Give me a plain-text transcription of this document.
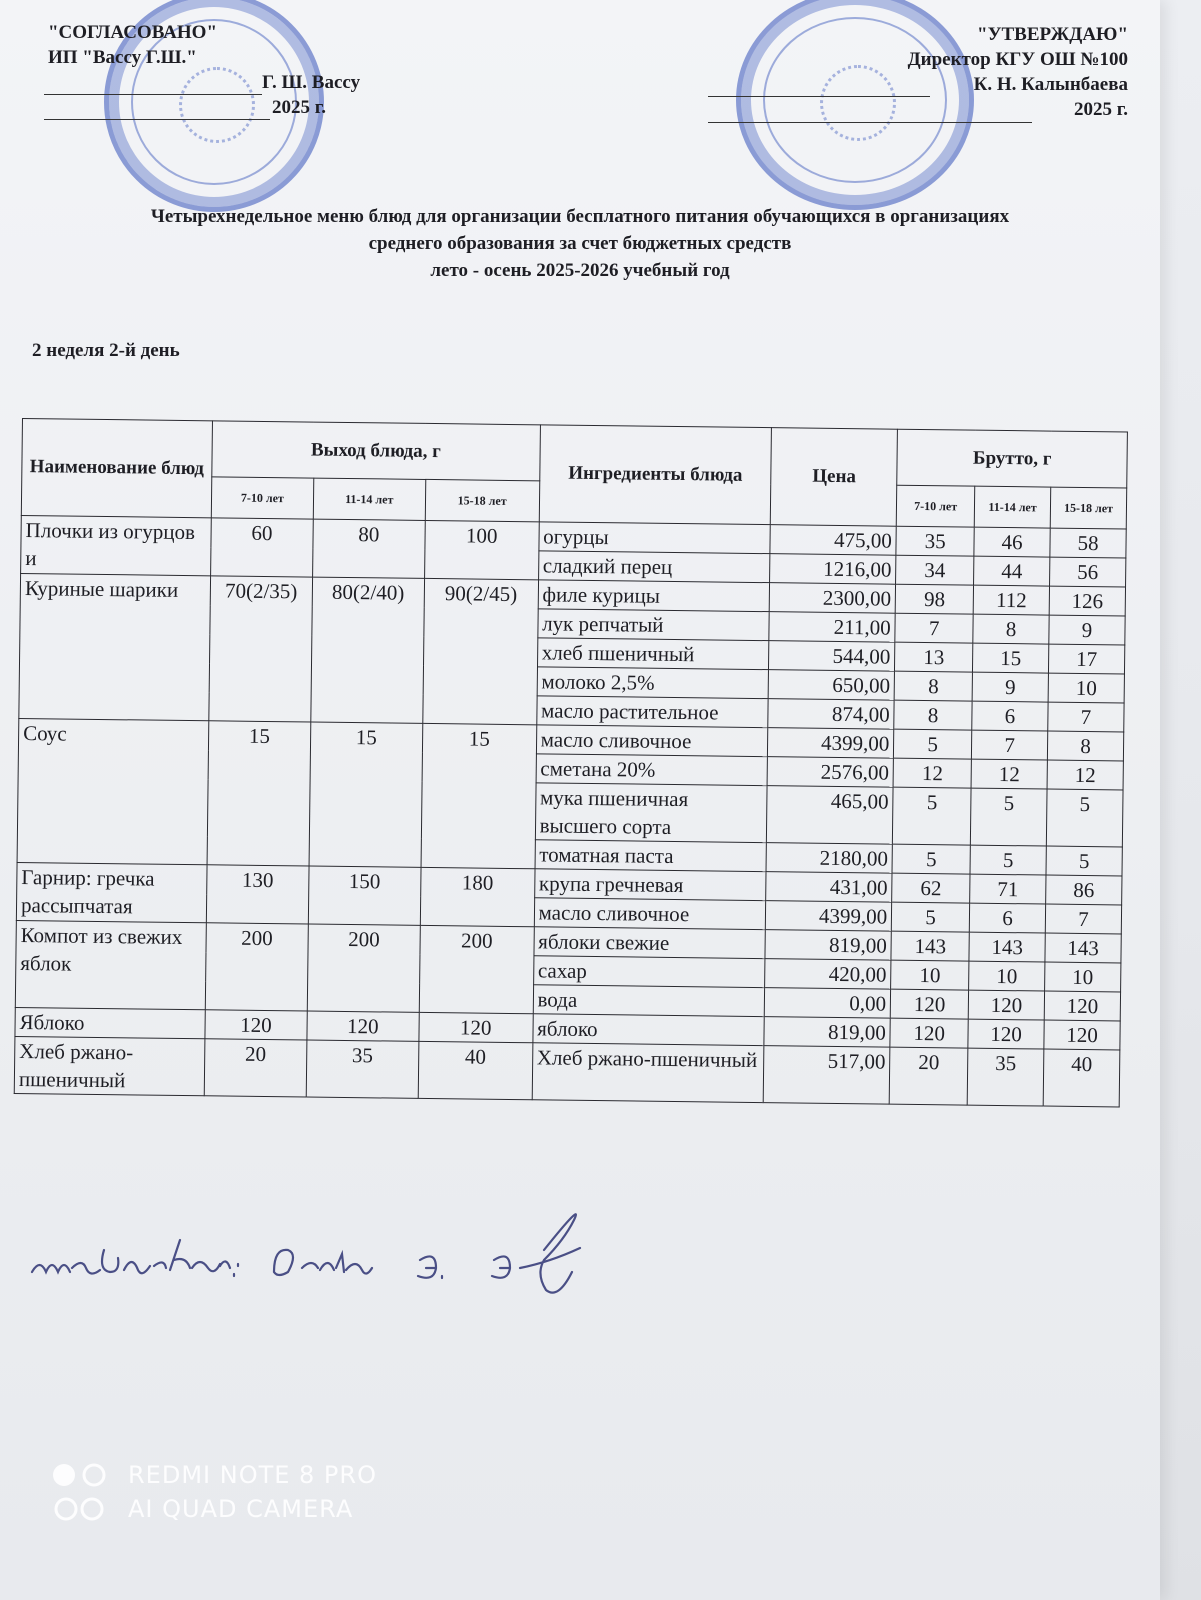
"СОГЛАСОВАНО"
ИП "Вассу Г.Ш."
Г. Ш. Вассу
2025 г.
"УТВЕРЖДАЮ"
Директор КГУ ОШ №100
К. Н. Калынбаева
2025 г.
Четырехнедельное меню блюд для организации бесплатного питания обучающихся в организациях
среднего образования за счет бюджетных средств
лето - осень 2025-2026 учебный год
2 неделя 2-й день
Наименование блюд	Выход блюда, г			Ингредиенты блюда	Цена	Брутто, г		
	7-10 лет	11-14 лет	15-18 лет			7-10 лет	11-14 лет	15-18 лет
Плочки из огурцов и	60	80	100	огурцы	475,00	35	46	58
				сладкий перец	1216,00	34	44	56
Куриные шарики	70(2/35)	80(2/40)	90(2/45)	филе курицы	2300,00	98	112	126
				лук репчатый	211,00	7	8	9
				хлеб пшеничный	544,00	13	15	17
				молоко 2,5%	650,00	8	9	10
				масло растительное	874,00	8	6	7
Соус	15	15	15	масло сливочное	4399,00	5	7	8
				сметана 20%	2576,00	12	12	12
				мука пшеничная высшего сорта	465,00	5	5	5
				томатная паста	2180,00	5	5	5
Гарнир: гречка рассыпчатая	130	150	180	крупа гречневая	431,00	62	71	86
				масло сливочное	4399,00	5	6	7
Компот из свежих яблок	200	200	200	яблоки свежие	819,00	143	143	143
				сахар	420,00	10	10	10
				вода	0,00	120	120	120
Яблоко	120	120	120	яблоко	819,00	120	120	120
Хлеб ржано-пшеничный	20	35	40	Хлеб ржано-пшеничный	517,00	20	35	40
REDMI NOTE 8 PRO
AI QUAD CAMERA
